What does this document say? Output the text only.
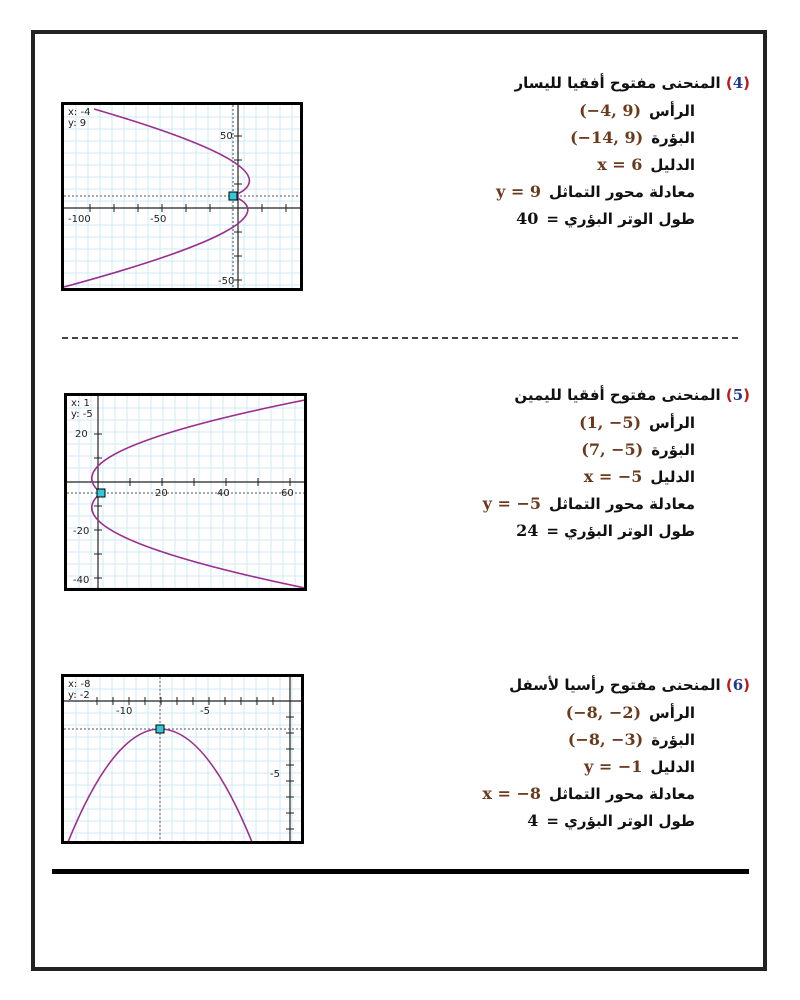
50
-100	-50
-50
x: -4
y: 9
(4) المنحنى مفتوح أفقيا لليسار
الرأس(−4, 9)
البؤرة(−14, 9)
الدليلx = 6
معادلة محور التماثلy = 9
طول الوتر البؤري =40
20
20	40	60
-20
-40
x: 1
y: -5
(5) المنحنى مفتوح أفقيا لليمين
الرأس(1, −5)
البؤرة(7, −5)
الدليلx = −5
معادلة محور التماثلy = −5
طول الوتر البؤري =24
-10	-5
-5
x: -8
y: -2
(6) المنحنى مفتوح رأسيا لأسفل
الرأس(−8, −2)
البؤرة(−8, −3)
الدليلy = −1
معادلة محور التماثلx = −8
طول الوتر البؤري =4
